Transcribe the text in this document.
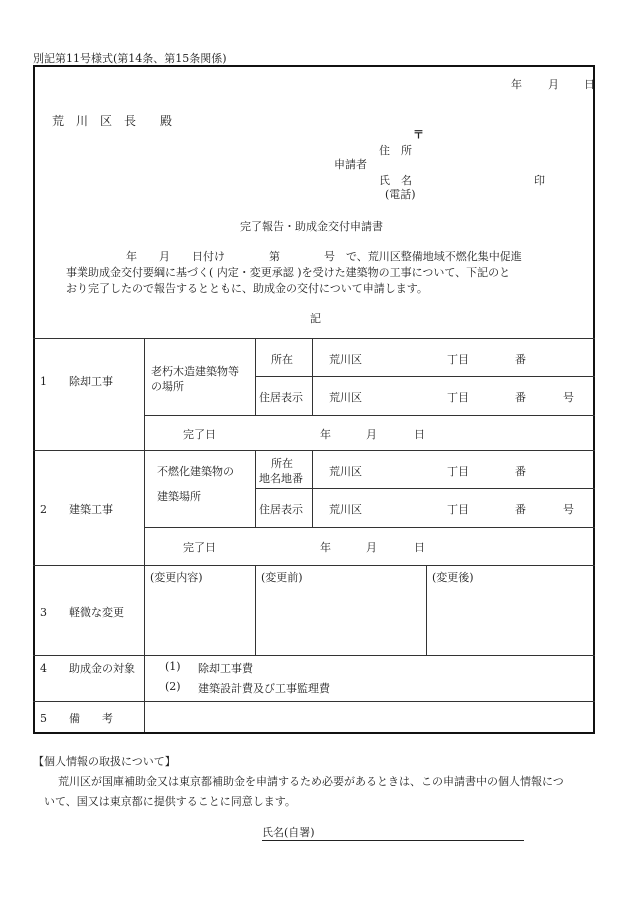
別記第11号様式(第14条、第15条関係)
年 月 日
荒　川　区　長　　殿
〒
住　所
申請者
氏　名	印
(電話)
完了報告・助成金交付申請書
年　　月　　日付け　　　　第　　　　号　で、荒川区整備地域不燃化集中促進
事業助成金交付要綱に基づく( 内定・変更承認 )を受けた建築物の工事について、下記のと
おり完了したので報告するとともに、助成金の交付について申請します。
記
1　　除却工事
老朽木造建築物等
の場所
所在	荒川区	丁目	番
住居表示 荒川区	丁目	番	号
完了日	年	月	日
2　　建築工事
不燃化建築物の
建築場所
所在
地名地番
荒川区	丁目	番
住居表示 荒川区	丁目	番	号
完了日	年	月	日
3　　軽微な変更
(変更内容)	(変更前)	(変更後)
4　　助成金の対象	(1) 除却工事費
(2) 建築設計費及び工事監理費
5　　備　　考
【個人情報の取扱について】
荒川区が国庫補助金又は東京都補助金を申請するため必要があるときは、この申請書中の個人情報につ
いて、国又は東京都に提供することに同意します。
氏名(自署)
